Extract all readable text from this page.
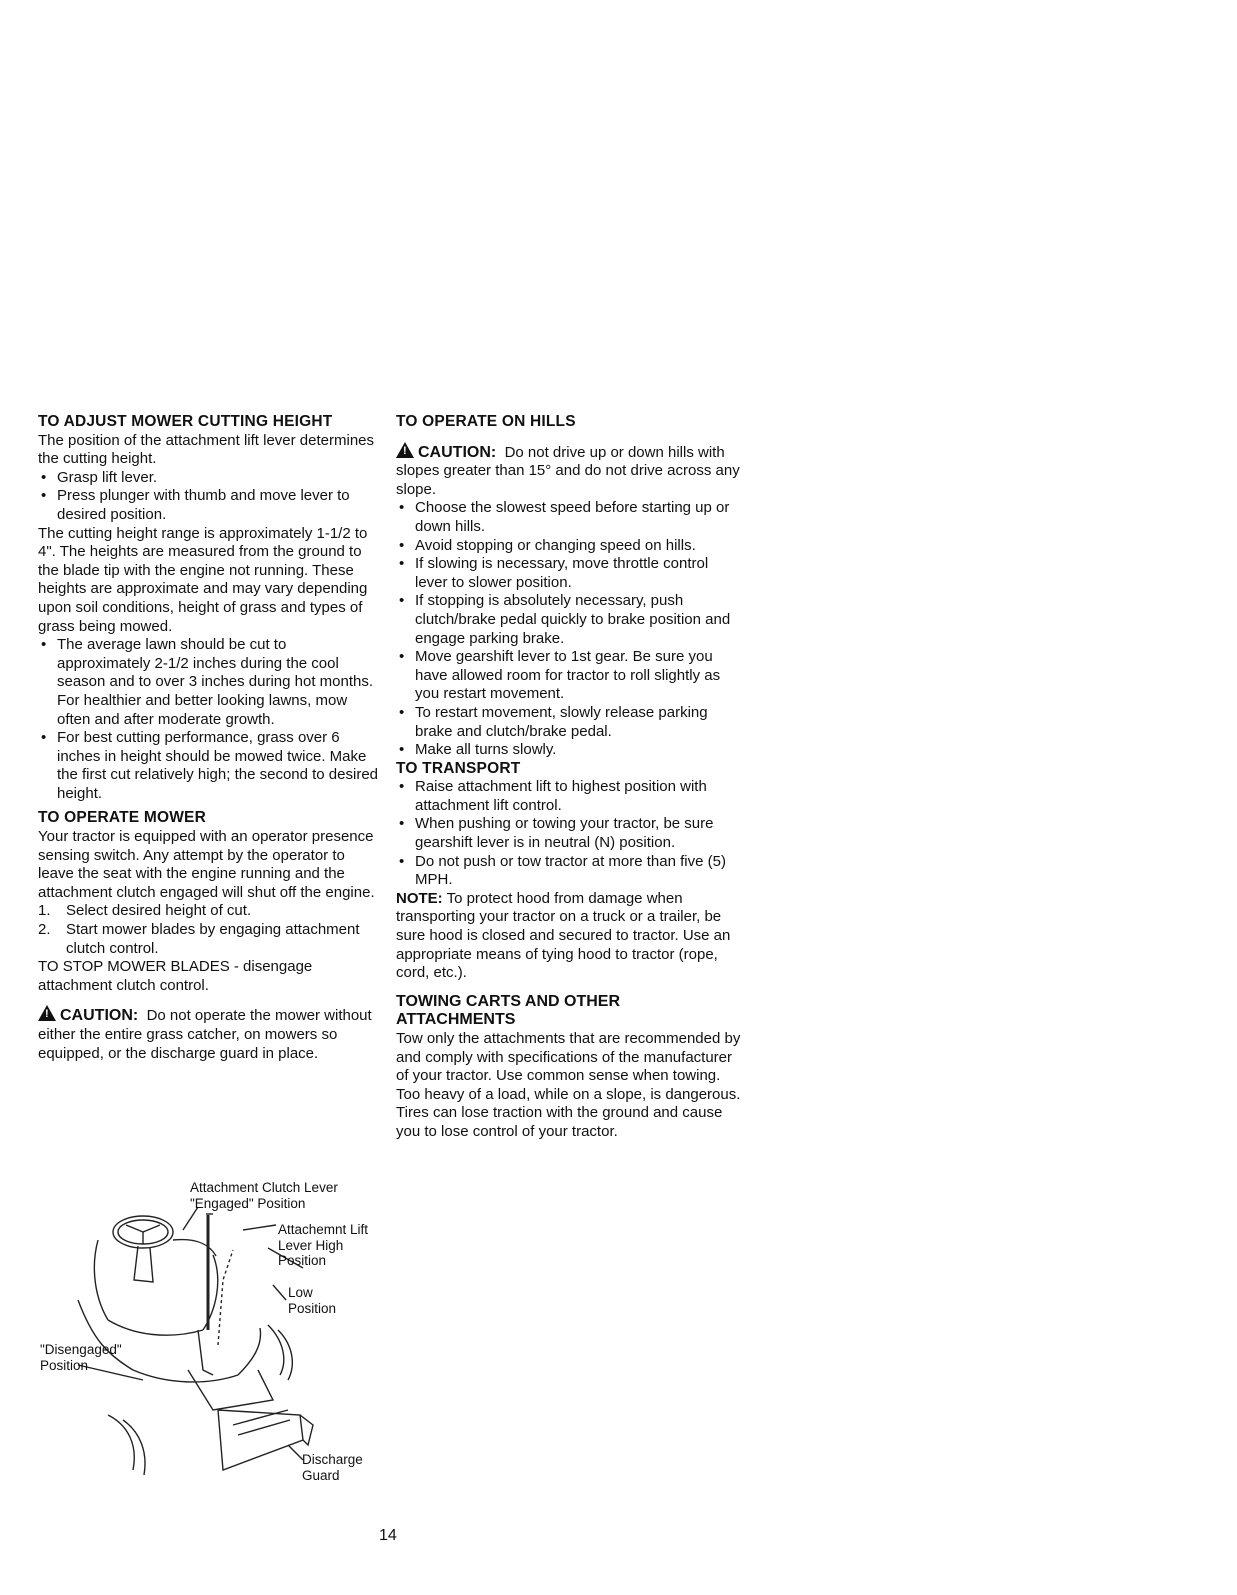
TO ADJUST MOWER CUTTING HEIGHT

The position of the attachment lift lever determines the cutting height.

• Grasp lift lever.
• Press plunger with thumb and move lever to desired position.

The cutting height range is approximately 1-1/2 to 4". The heights are measured from the ground to the blade tip with the engine not running. These heights are approximate and may vary depending upon soil conditions, height of grass and types of grass being mowed.

• The average lawn should be cut to approximately 2-1/2 inches during the cool season and to over 3 inches during hot months. For healthier and better looking lawns, mow often and after moderate growth.
• For best cutting performance, grass over 6 inches in height should be mowed twice. Make the first cut relatively high; the second to desired height.
TO OPERATE MOWER

Your tractor is equipped with an operator presence sensing switch. Any attempt by the operator to leave the seat with the engine running and the attachment clutch engaged will shut off the engine.

1. Select desired height of cut.
2. Start mower blades by engaging attachment clutch control.

TO STOP MOWER BLADES - disengage attachment clutch control.

!CAUTION: Do not operate the mower without either the entire grass catcher, on mowers so equipped, or the discharge guard in place.

Attachment Clutch Lever "Engaged" Position
Attachemnt Lift Lever High Position
Low Position
"Disengaged" Position
Discharge Guard
TO OPERATE ON HILLS

!CAUTION: Do not drive up or down hills with slopes greater than 15° and do not drive across any slope.

• Choose the slowest speed before starting up or down hills.
• Avoid stopping or changing speed on hills.
• If slowing is necessary, move throttle control lever to slower position.
• If stopping is absolutely necessary, push clutch/brake pedal quickly to brake position and engage parking brake.
• Move gearshift lever to 1st gear. Be sure you have allowed room for tractor to roll slightly as you restart movement.
• To restart movement, slowly release parking brake and clutch/brake pedal.
• Make all turns slowly.
TO TRANSPORT
• Raise attachment lift to highest position with attachment lift control.
• When pushing or towing your tractor, be sure gearshift lever is in neutral (N) position.
• Do not push or tow tractor at more than five (5) MPH.

NOTE: To protect hood from damage when transporting your tractor on a truck or a trailer, be sure hood is closed and secured to tractor. Use an appropriate means of tying hood to tractor (rope, cord, etc.).

TOWING CARTS AND OTHER ATTACHMENTS

Tow only the attachments that are recommended by and comply with specifications of the manufacturer of your tractor. Use common sense when towing. Too heavy of a load, while on a slope, is dangerous. Tires can lose traction with the ground and cause you to lose control of your tractor.

14
